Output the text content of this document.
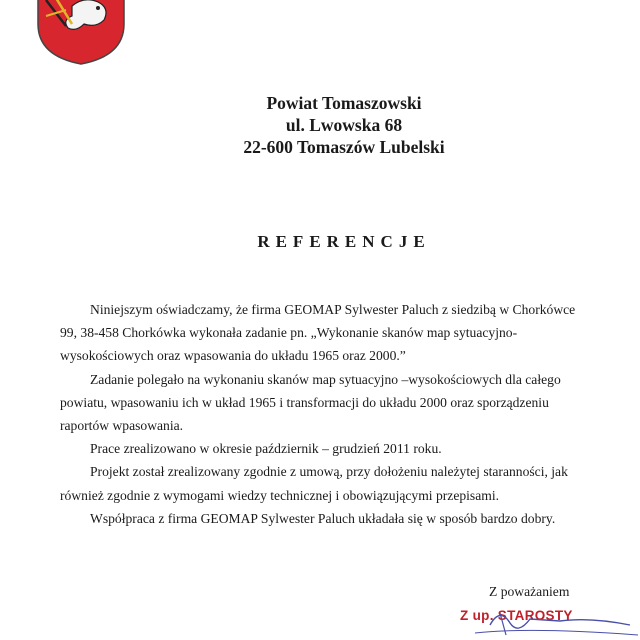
Powiat Tomaszowski
ul. Lwowska 68
22-600 Tomaszów Lubelski
REFERENCJE

Niniejszym oświadczamy, że firma GEOMAP Sylwester Paluch z siedzibą w Chorkówce 99, 38-458 Chorkówka wykonała zadanie pn. „Wykonanie skanów map sytuacyjno-wysokościowych oraz wpasowania do układu 1965 oraz 2000.”

Zadanie polegało na wykonaniu skanów map sytuacyjno –wysokościowych dla całego powiatu, wpasowaniu ich w układ 1965 i transformacji do układu 2000 oraz sporządzeniu raportów wpasowania.

Prace zrealizowano w okresie październik – grudzień 2011 roku.

Projekt został zrealizowany zgodnie z umową, przy dołożeniu należytej staranności, jak również zgodnie z wymogami wiedzy technicznej i obowiązującymi przepisami.

Współpraca z firma GEOMAP Sylwester Paluch układała się w sposób bardzo dobry.

Z poważaniem
Z up. STAROSTY
